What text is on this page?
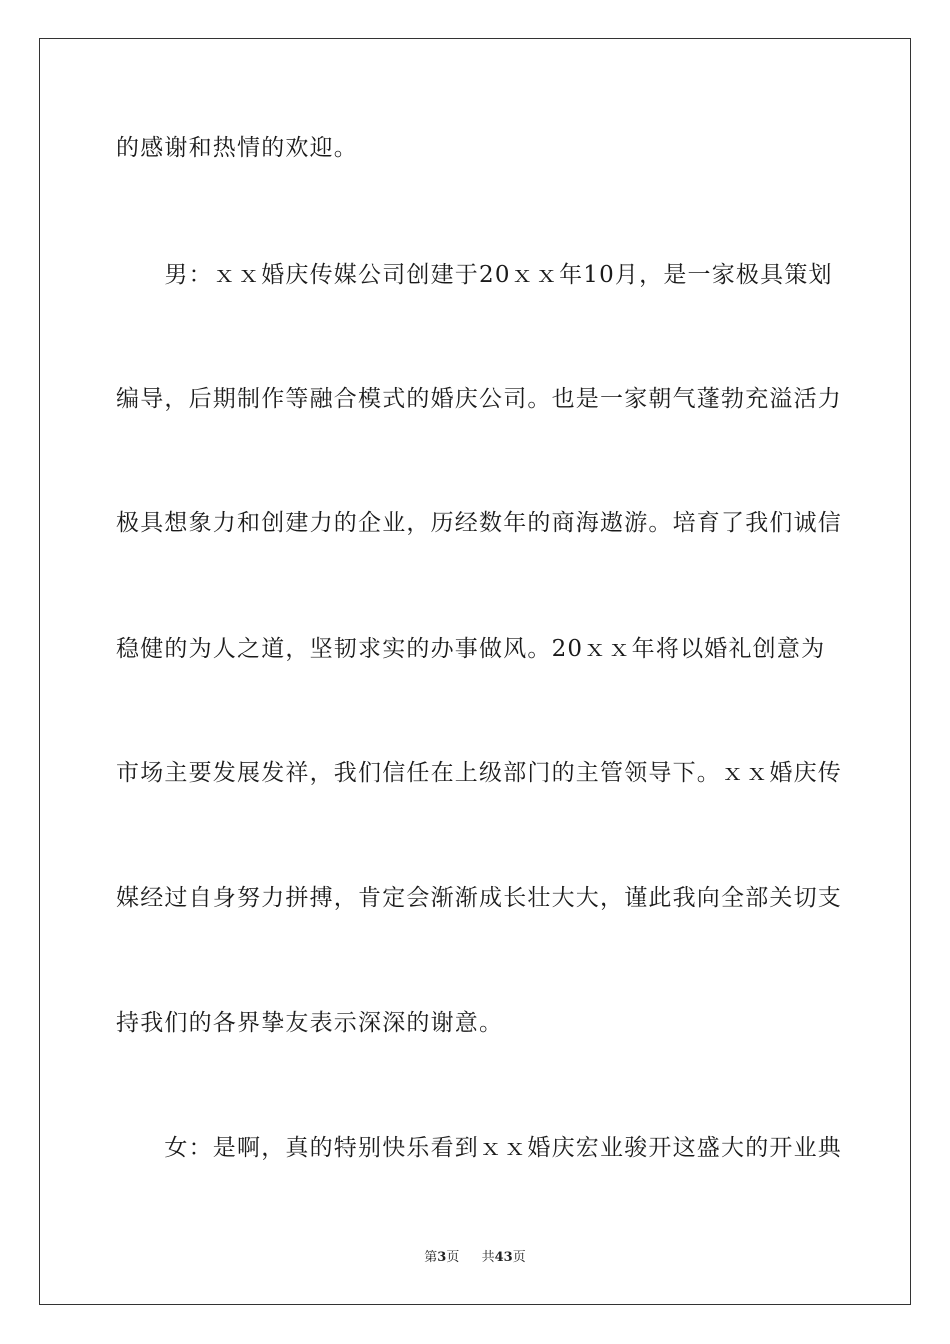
的感谢和热情的欢迎。
　　男：ｘｘ婚庆传媒公司创建于20ｘｘ年10月，是一家极具策划
编导，后期制作等融合模式的婚庆公司。也是一家朝气蓬勃充溢活力
极具想象力和创建力的企业，历经数年的商海遨游。培育了我们诚信
稳健的为人之道，坚韧求实的办事做风。20ｘｘ年将以婚礼创意为
市场主要发展发祥，我们信任在上级部门的主管领导下。ｘｘ婚庆传
媒经过自身努力拼搏，肯定会渐渐成长壮大大，谨此我向全部关切支
持我们的各界挚友表示深深的谢意。
　　女：是啊，真的特别快乐看到ｘｘ婚庆宏业骏开这盛大的开业典
第3页 共43页
